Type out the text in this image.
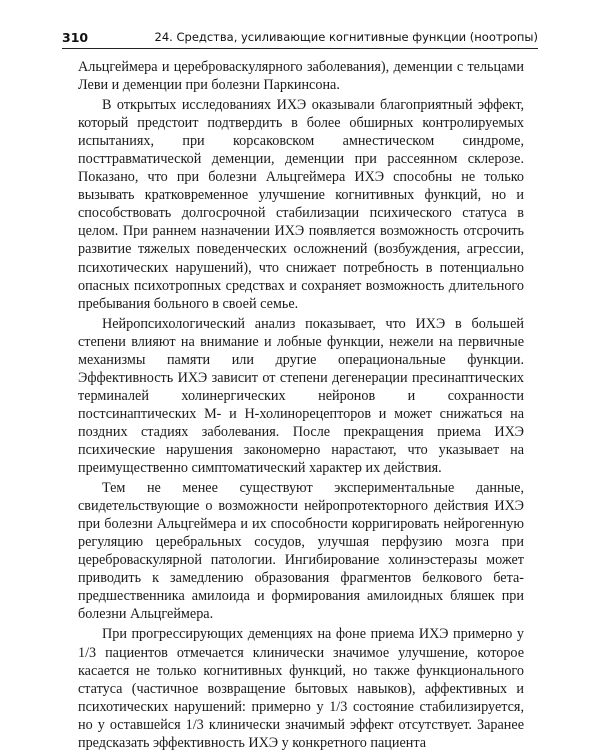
310	24. Средства, усиливающие когнитивные функции (ноотропы)

Альцгеймера и цереброваскулярного заболевания), деменции с тельцами Леви и деменции при болезни Паркинсона.

В открытых исследованиях ИХЭ оказывали благоприятный эффект, который предстоит подтвердить в более обширных контролируемых испытаниях, при корсаковском амнестическом синдроме, посттравматической деменции, деменции при рассеянном склерозе. Показано, что при болезни Альцгеймера ИХЭ способны не только вызывать кратковременное улучшение когнитивных функций, но и способствовать долгосрочной стабилизации психического статуса в целом. При раннем назначении ИХЭ появляется возможность отсрочить развитие тяжелых поведенческих осложнений (возбуждения, агрессии, психотических нарушений), что снижает потребность в потенциально опасных психотропных средствах и сохраняет возможность длительного пребывания больного в своей семье.

Нейропсихологический анализ показывает, что ИХЭ в большей степени влияют на внимание и лобные функции, нежели на первичные механизмы памяти или другие операциональные функции. Эффективность ИХЭ зависит от степени дегенерации пресинаптических терминалей холинергических нейронов и сохранности постсинаптических М- и Н-холинорецепторов и может снижаться на поздних стадиях заболевания. После прекращения приема ИХЭ психические нарушения закономерно нарастают, что указывает на преимущественно симптоматический характер их действия.

Тем не менее существуют экспериментальные данные, свидетельствующие о возможности нейропротекторного действия ИХЭ при болезни Альцгеймера и их способности корригировать нейрогенную регуляцию церебральных сосудов, улучшая перфузию мозга при цереброваскулярной патологии. Ингибирование холинэстеразы может приводить к замедлению образования фрагментов белкового бета-предшественника амилоида и формирования амилоидных бляшек при болезни Альцгеймера.

При прогрессирующих деменциях на фоне приема ИХЭ примерно у 1/3 пациентов отмечается клинически значимое улучшение, которое касается не только когнитивных функций, но также функционального статуса (частичное возвращение бытовых навыков), аффективных и психотических нарушений: примерно у 1/3 состояние стабилизируется, но у оставшейся 1/3 клинически значимый эффект отсутствует. Заранее предсказать эффективность ИХЭ у конкретного пациента
